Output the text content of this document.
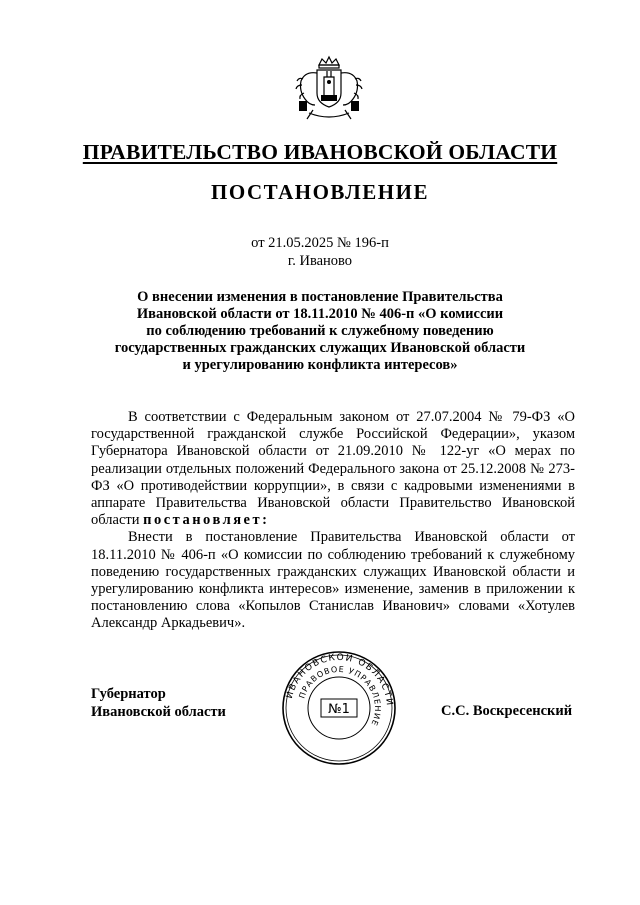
ПРАВИТЕЛЬСТВО ИВАНОВСКОЙ ОБЛАСТИ
ПОСТАНОВЛЕНИЕ
от 21.05.2025 № 196-п
г. Иваново
О внесении изменения в постановление Правительства
Ивановской области от 18.11.2010 № 406-п «О комиссии
по соблюдению требований к служебному поведению
государственных гражданских служащих Ивановской области
и урегулированию конфликта интересов»

В соответствии с Федеральным законом от 27.07.2004 № 79-ФЗ «О государственной гражданской службе Российской Федерации», указом Губернатора Ивановской области от 21.09.2010 № 122-уг «О мерах по реализации отдельных положений Федерального закона от 25.12.2008 № 273-ФЗ «О противодействии коррупции», в связи с кадровыми изменениями в аппарате Правительства Ивановской области Правительство Ивановской области постановляет:

Внести в постановление Правительства Ивановской области от 18.11.2010 № 406-п «О комиссии по соблюдению требований к служебному поведению государственных гражданских служащих Ивановской области и урегулированию конфликта интересов» изменение, заменив в приложении к постановлению слова «Копылов Станислав Иванович» словами «Хотулев Александр Аркадьевич».

Губернатор
Ивановской области
ИВАНОВСКОЙ ОБЛАСТИ
ПРАВОВОЕ УПРАВЛЕНИЕ
№1	С.С. Воскресенский
